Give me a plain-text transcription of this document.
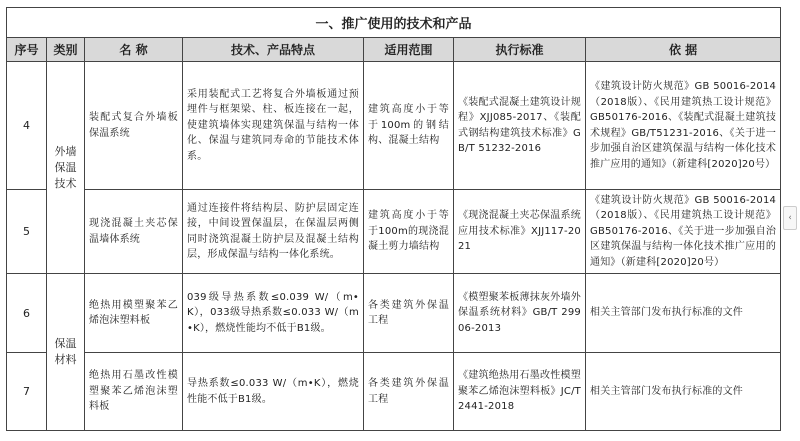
一、推广使用的技术和产品						
序号	类别	名 称	技术、产品特点	适用范围	执行标准	依 据
4	外墙保温技术	装配式复合外墙板保温系统	采用装配式工艺将复合外墙板通过预埋件与框架梁、柱、板连接在一起，使建筑墙体实现建筑保温与结构一体化、保温与建筑同寿命的节能技术体系。	建筑高度小于等于100m的钢结构、混凝土结构	《装配式混凝土建筑设计规程》XJJ085-2017、《装配式钢结构建筑技术标准》GB/T 51232-2016	《建筑设计防火规范》GB 50016-2014（2018版）、《民用建筑热工设计规范》GB50176-2016、《装配式混凝土建筑技术规程》GB/T51231-2016、《关于进一步加强自治区建筑保温与结构一体化技术推广应用的通知》（新建科[2020]20号）
5		现浇混凝土夹芯保温墙体系统	通过连接件将结构层、防护层固定连接，中间设置保温层，在保温层两侧同时浇筑混凝土防护层及混凝土结构层，形成保温与结构一体化系统。	建筑高度小于等于100m的现浇混凝土剪力墙结构	《现浇混凝土夹芯保温系统应用技术标准》XJJ117-2021	《建筑设计防火规范》GB 50016-2014（2018版）、《民用建筑热工设计规范》GB50176-2016、《关于进一步加强自治区建筑保温与结构一体化技术推广应用的通知》（新建科[2020]20号）
6	保温材料	绝热用模塑聚苯乙烯泡沫塑料板	039级导热系数≤0.039 W/（m•K），033级导热系数≤0.033 W/（m•K），燃烧性能均不低于B1级。	各类建筑外保温工程	《模塑聚苯板薄抹灰外墙外保温系统材料》GB/T 29906-2013	相关主管部门发布执行标准的文件
7		绝热用石墨改性模塑聚苯乙烯泡沫塑料板	导热系数≤0.033 W/（m•K），燃烧性能不低于B1级。	各类建筑外保温工程	《建筑绝热用石墨改性模塑聚苯乙烯泡沫塑料板》JC/T 2441-2018	相关主管部门发布执行标准的文件
‹
